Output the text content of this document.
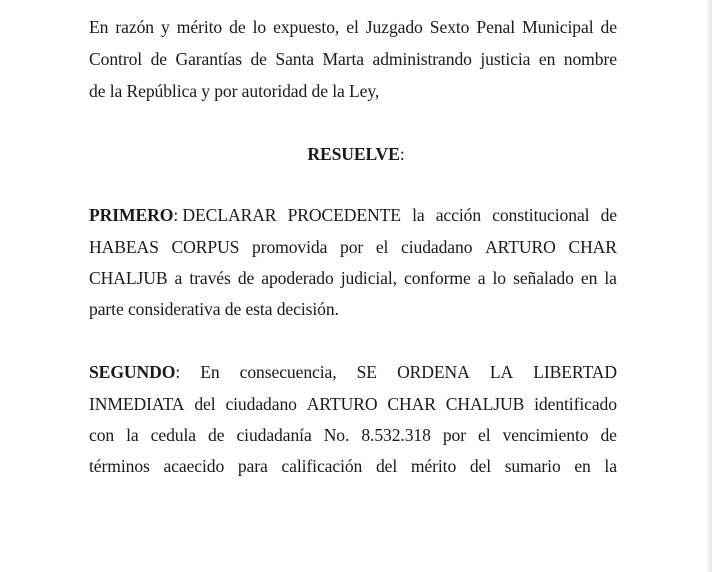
En razón y mérito de lo expuesto, el Juzgado Sexto Penal Municipal de
Control de Garantías de Santa Marta administrando justicia en nombre
de la República y por autoridad de la Ley,
RESUELVE:
PRIMERO: DECLARAR PROCEDENTE la acción constitucional de
HABEAS CORPUS promovida por el ciudadano ARTURO CHAR
CHALJUB a través de apoderado judicial, conforme a lo señalado en la
parte considerativa de esta decisión.
SEGUNDO: En consecuencia, SE ORDENA LA LIBERTAD
INMEDIATA del ciudadano ARTURO CHAR CHALJUB identificado
con la cedula de ciudadanía No. 8.532.318 por el vencimiento de
términos acaecido para calificación del mérito del sumario en la
